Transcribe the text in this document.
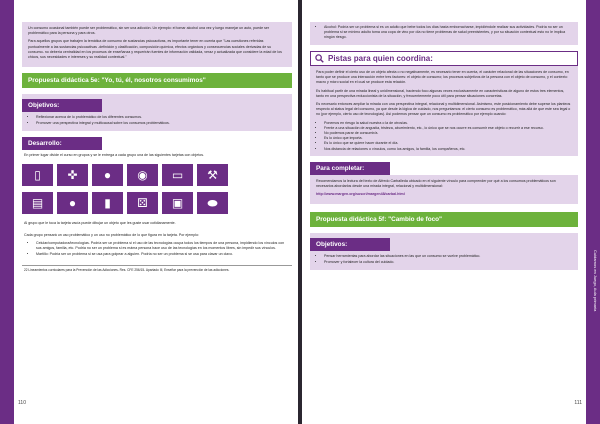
Un consumo ocasional también puede ser problemático, sin ser una adicción. Un ejemplo: el tomar alcohol una vez y luego manejar un auto, puede ser problemático para la persona y para otros.

Para aquellos grupos que trabajen la temática de consumo de sustancias psicoactivas, es importante tener en cuenta que "Las cuestiones referidas puntualmente a las sustancias psicoactivas -definición y clasificación, composición química, efectos orgánicos y consecuencias sociales derivadas de su consumo- no debería centralidad en los procesos de enseñanza y requerirán fuentes de información validada, veraz y actualizada que considere la edad de los chicos, sus necesidades e intereses y su realidad contextual."

Propuesta didáctica 5e: "Yo, tú, él, nosotros consumimos"
Objetivos:
• Reflexionar acerca de lo problemático de los diferentes consumos.
• Promover una perspectiva integral y multicausal sobre los consumos problemáticos.
Desarrollo:
En primer lugar divide el curso en grupos y se le entrega a cada grupo una de las siguientes tarjetas con objetos.
▯	✜	●	◉	▭	⚒
▤	●	▮	⚄	▣	⬬
Al grupo que le toca la tarjeta vacía puede dibujar un objeto que les guste usar cotidianamente.
Cada grupo pensará un uso problemático y un uso no problemático de lo que figura en la tarjeta. Por ejemplo:
• Celular/computadora/tecnologías. Podría ser un problema si el uso de las tecnologías ocupa todos los tiempos de una persona, impidiendo los vínculos con sus amigos, familia, etc. Podría no ser un problema si es máma persona hace uso de las tecnologías en los momentos libres, sin impedir sus vínculos.
• Martillo: Podría ser un problema si se usa para golpear a alguien. Podría no ser un problema si se usa para clavar un clavo.
22 Lineamientos curriculares para la Prevención de las Adicciones- Res. CFE 256/15- Apartado III, Enseñar para la prevención de las adicciones.
110
Cuidarnos en Juego, Aula primaria
• Alcohol: Podría ser un problema si es un adulto que bebe todos los días hasta emborracharse, impidiéndole realizar sus actividades. Podría no ser un problema si se mínimo adulto toma una copa de vino por día no tiene problemas de salud preexistentes, y por su situación contextual esto no le implica ningún riesgo.
Pistas para quien coordina:

Para poder definir el cierto uso de un objeto afecta o no negativamente, es necesario tener en cuenta, el carácter relacional de las situaciones de consumo, en tanto que se produce una interacción entre tres factores: el objeto de consumo; los procesos subjetivos de la persona con el objeto de consumo, y el contexto macro y micro social en el cual se produce esta relación.

Es habitual partir de una mirada lineal y unidimensional, haciendo foco algunas veces exclusivamente en características de alguno de estos tres elementos, tanto en una perspectiva reduccionista de la situación, y frecuentemente poco útil para pensar situaciones concretas.

Es necesario entonces ampliar la mirada con una perspectiva integral, relacional y multidimensional. Asimismo, este posicionamiento debe superar los planteos respecto al status legal del consumo, ya que desde la lógica de cuidado, nos preguntamos: el cierto consumo es problemático, más allá de que este sea legal o no (por ejemplo, cierto uso de tecnologías). Así podemos pensar que un consumo es problemático por ejemplo cuando:

• Ponemos en riesgo la salud nuestra o la de otros/as.
• Frente a una situación de angustia, tristeza, aburrimiento, etc., lo único que se nos ocurre es consumir ese objeto o recurrir a ese recurso.
• No podemos parar de consumir/a.
• Es lo único que importa.
• Es lo único que se quiere hacer durante el día.
• Nos distancia de relaciones o vínculos, como los amigos, la familia, los compañeros, etc.
Para completar:

Recomendamos la lectura del texto de Alfredo Carballeda ubicado en el siguiente vínculo para comprender por qué a los consumos problemáticos son necesarios abordarlos desde una mirada integral, relacional y multidimensional:

http://www.margen.org/suscri/margen48/carbal.html

Propuesta didáctica 5f: "Cambio de foco"
Objetivos:
• Pensar herramientas para abordar las situaciones en las que un consumo se vuelve problemático.
• Promover y fortalecer la cultura del cuidado.
111
